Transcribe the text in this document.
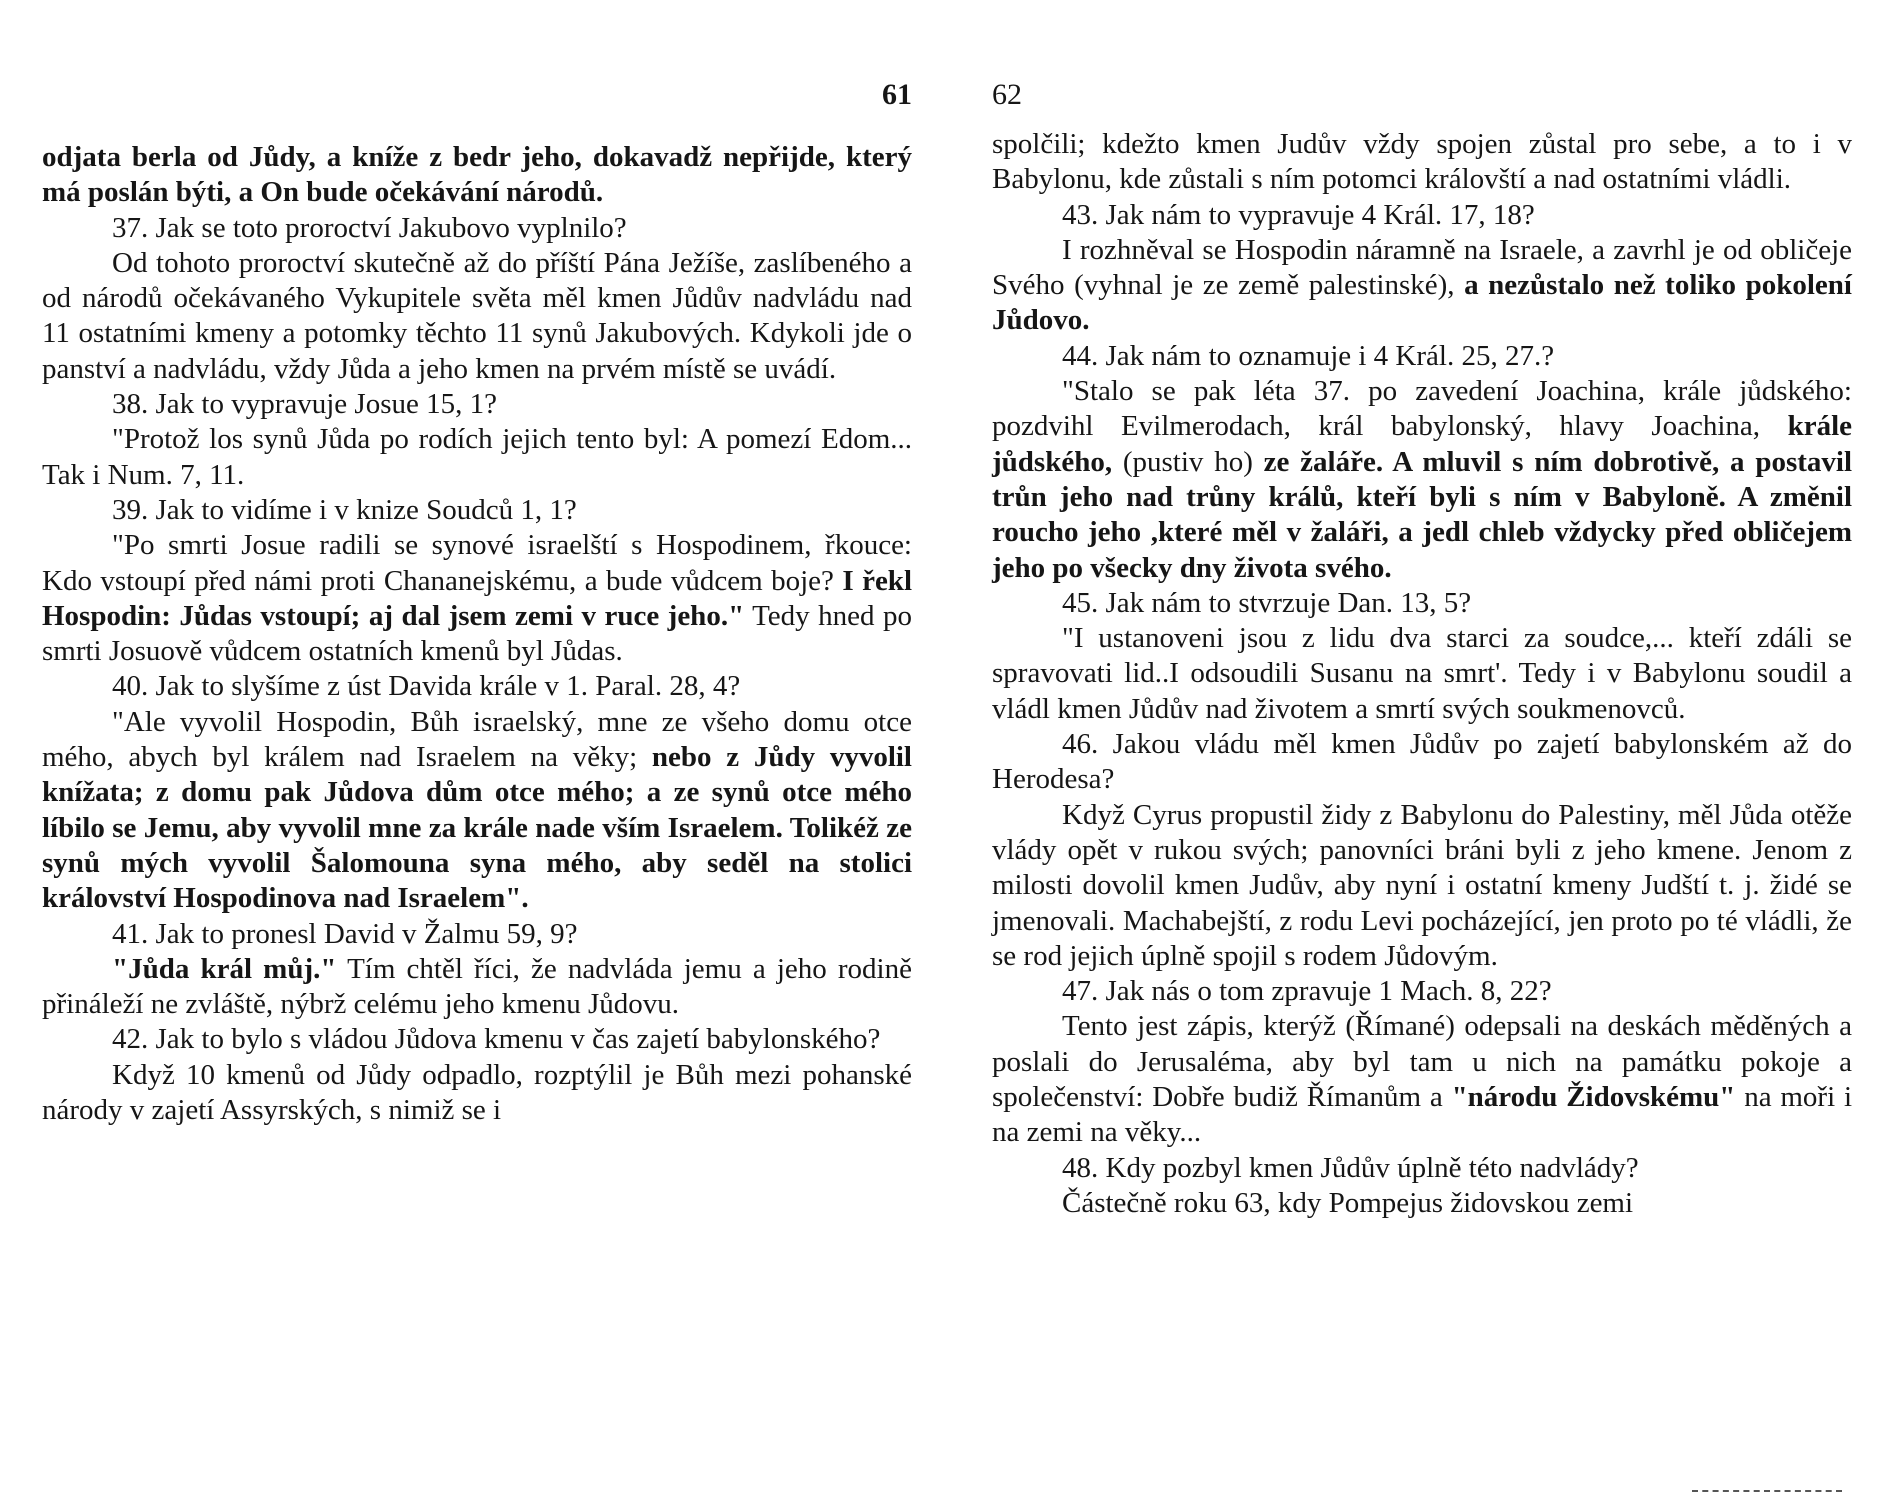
61

odjata berla od Jůdy, a kníže z bedr jeho, dokavadž nepřijde, který má poslán býti, a On bude očekávání národů.

37. Jak se toto proroctví Jakubovo vyplnilo?

Od tohoto proroctví skutečně až do příští Pána Ježíše, zaslíbeného a od národů očekávaného Vykupitele světa měl kmen Jůdův nadvládu nad 11 ostatními kmeny a potomky těchto 11 synů Jakubových. Kdykoli jde o panství a nadvládu, vždy Jůda a jeho kmen na prvém místě se uvádí.

38. Jak to vypravuje Josue 15, 1?

"Protož los synů Jůda po rodích jejich tento byl: A pomezí Edom... Tak i Num. 7, 11.

39. Jak to vidíme i v knize Soudců 1, 1?

"Po smrti Josue radili se synové israelští s Hospodinem, řkouce: Kdo vstoupí před námi proti Chananejskému, a bude vůdcem boje? I řekl Hospodin: Jůdas vstoupí; aj dal jsem zemi v ruce jeho." Tedy hned po smrti Josuově vůdcem ostatních kmenů byl Jůdas.

40. Jak to slyšíme z úst Davida krále v 1. Paral. 28, 4?

"Ale vyvolil Hospodin, Bůh israelský, mne ze všeho domu otce mého, abych byl králem nad Israelem na věky; nebo z Jůdy vyvolil knížata; z domu pak Jůdova dům otce mého; a ze synů otce mého líbilo se Jemu, aby vyvolil mne za krále nade vším Israelem. Tolikéž ze synů mých vyvolil Šalomouna syna mého, aby seděl na stolici království Hospodinova nad Israelem".

41. Jak to pronesl David v Žalmu 59, 9?

"Jůda král můj." Tím chtěl říci, že nadvláda jemu a jeho rodině přináleží ne zvláště, nýbrž celému jeho kmenu Jůdovu.

42. Jak to bylo s vládou Jůdova kmenu v čas zajetí babylonského?

Když 10 kmenů od Jůdy odpadlo, rozptýlil je Bůh mezi pohanské národy v zajetí Assyrských, s nimiž se i

62

spolčili; kdežto kmen Judův vždy spojen zůstal pro sebe, a to i v Babylonu, kde zůstali s ním potomci královští a nad ostatními vládli.

43. Jak nám to vypravuje 4 Král. 17, 18?

I rozhněval se Hospodin náramně na Israele, a zavrhl je od obličeje Svého (vyhnal je ze země palestinské), a nezůstalo než toliko pokolení Jůdovo.

44. Jak nám to oznamuje i 4 Král. 25, 27.?

"Stalo se pak léta 37. po zavedení Joachina, krále jůdského: pozdvihl Evilmerodach, král babylonský, hlavy Joachina, krále jůdského, (pustiv ho) ze žaláře. A mluvil s ním dobrotivě, a postavil trůn jeho nad trůny králů, kteří byli s ním v Babyloně. A změnil roucho jeho ,které měl v žaláři, a jedl chleb vždycky před obličejem jeho po všecky dny života svého.

45. Jak nám to stvrzuje Dan. 13, 5?

"I ustanoveni jsou z lidu dva starci za soudce,... kteří zdáli se spravovati lid..I odsoudili Susanu na smrt'. Tedy i v Babylonu soudil a vládl kmen Jůdův nad životem a smrtí svých soukmenovců.

46. Jakou vládu měl kmen Jůdův po zajetí babylonském až do Herodesa?

Když Cyrus propustil židy z Babylonu do Palestiny, měl Jůda otěže vlády opět v rukou svých; panovníci bráni byli z jeho kmene. Jenom z milosti dovolil kmen Judův, aby nyní i ostatní kmeny Judští t. j. židé se jmenovali. Machabejští, z rodu Levi pocházející, jen proto po té vládli, že se rod jejich úplně spojil s rodem Jůdovým.

47. Jak nás o tom zpravuje 1 Mach. 8, 22?

Tento jest zápis, kterýž (Římané) odepsali na deskách měděných a poslali do Jerusaléma, aby byl tam u nich na památku pokoje a společenství: Dobře budiž Římanům a "národu Židovskému" na moři i na zemi na věky...

48. Kdy pozbyl kmen Jůdův úplně této nadvlády?

Částečně roku 63, kdy Pompejus židovskou zemi
